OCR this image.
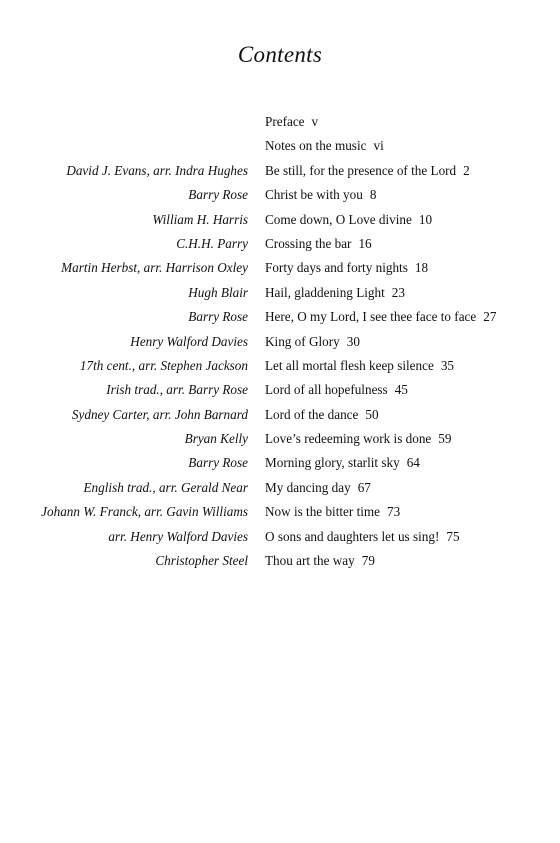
Contents
Preface v
Notes on the music vi
David J. Evans, arr. Indra Hughes Be still, for the presence of the Lord 2
Barry Rose Christ be with you 8
William H. Harris Come down, O Love divine 10
C.H.H. Parry Crossing the bar 16
Martin Herbst, arr. Harrison Oxley Forty days and forty nights 18
Hugh Blair Hail, gladdening Light 23
Barry Rose Here, O my Lord, I see thee face to face 27
Henry Walford Davies King of Glory 30
17th cent., arr. Stephen Jackson Let all mortal flesh keep silence 35
Irish trad., arr. Barry Rose Lord of all hopefulness 45
Sydney Carter, arr. John Barnard Lord of the dance 50
Bryan Kelly Love’s redeeming work is done 59
Barry Rose Morning glory, starlit sky 64
English trad., arr. Gerald Near My dancing day 67
Johann W. Franck, arr. Gavin Williams Now is the bitter time 73
arr. Henry Walford Davies O sons and daughters let us sing! 75
Christopher Steel Thou art the way 79
